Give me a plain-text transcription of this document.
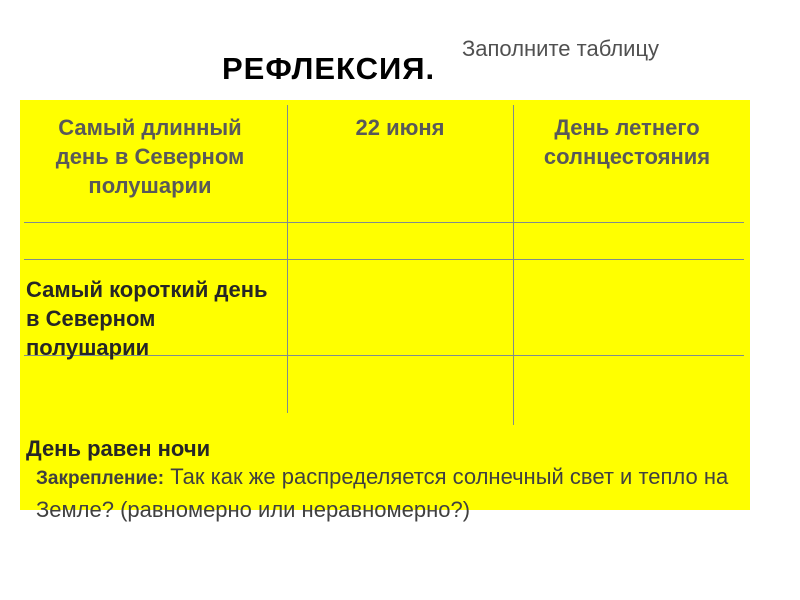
Заполните таблицу
Самый длинный день в Северном полушарии
22 июня	День летнего солнцестояния
Самый короткий день в Северном полушарии
День равен ночи
РЕФЛЕКСИЯ.
Закрепление: Так как же распределяется солнечный свет и тепло на Земле? (равномерно или неравномерно?)
